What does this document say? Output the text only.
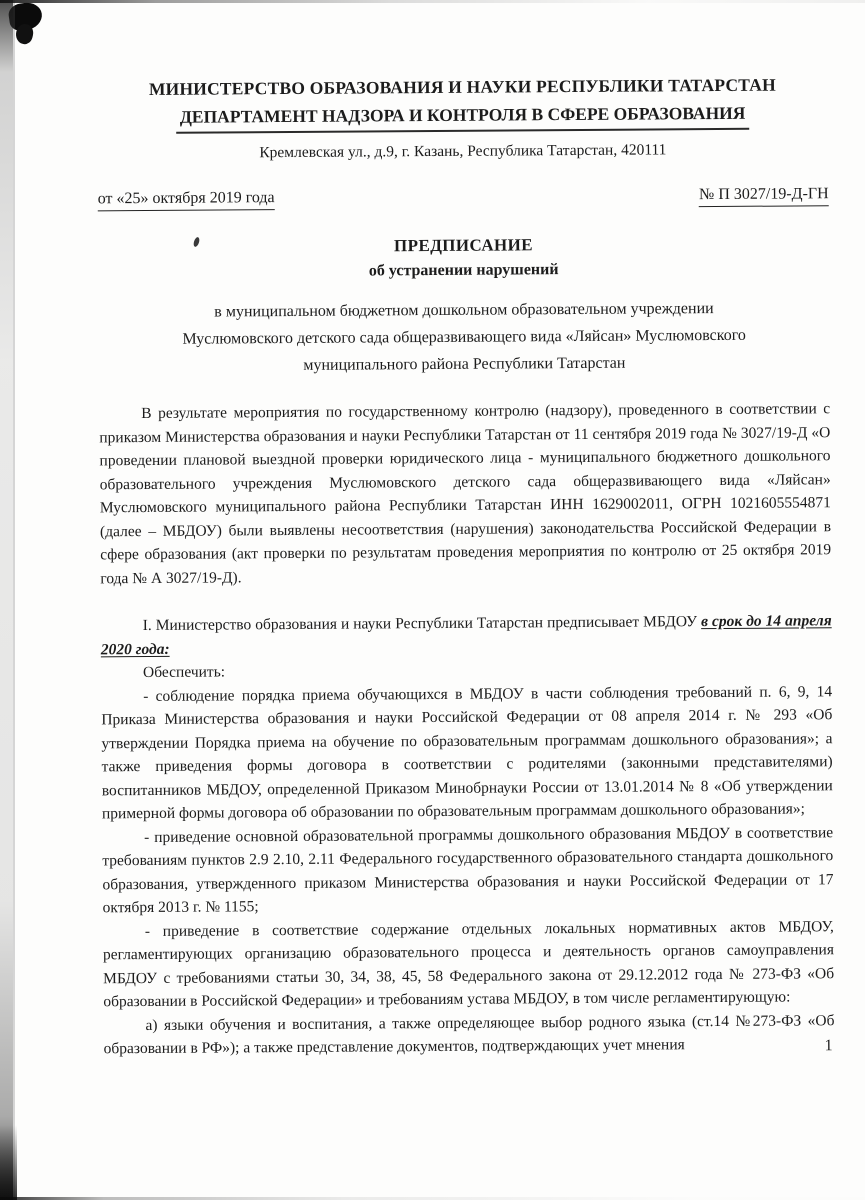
МИНИСТЕРСТВО ОБРАЗОВАНИЯ И НАУКИ РЕСПУБЛИКИ ТАТАРСТАН
ДЕПАРТАМЕНТ НАДЗОРА И КОНТРОЛЯ В СФЕРЕ ОБРАЗОВАНИЯ
Кремлевская ул., д.9, г. Казань, Республика Татарстан, 420111
от «25» октября 2019 года	№ П 3027/19-Д-ГН
ПРЕДПИСАНИЕ
об устранении нарушений
в муниципальном бюджетном дошкольном образовательном учреждении
Муслюмовского детского сада общеразвивающего вида «Ляйсан» Муслюмовского
муниципального района Республики Татарстан

В результате мероприятия по государственному контролю (надзору), проведенного в соответствии с приказом Министерства образования и науки Республики Татарстан от 11 сентября 2019 года № 3027/19-Д «О проведении плановой выездной проверки юридического лица - муниципального бюджетного дошкольного образовательного учреждения Муслюмовского детского сада общеразвивающего вида «Ляйсан» Муслюмовского муниципального района Республики Татарстан ИНН 1629002011, ОГРН 1021605554871 (далее – МБДОУ) были выявлены несоответствия (нарушения) законодательства Российской Федерации в сфере образования (акт проверки по результатам проведения мероприятия по контролю от 25 октября 2019 года № А 3027/19-Д).

I. Министерство образования и науки Республики Татарстан предписывает МБДОУ в срок до 14 апреля 2020 года:

Обеспечить:

- соблюдение порядка приема обучающихся в МБДОУ в части соблюдения требований п. 6, 9, 14 Приказа Министерства образования и науки Российской Федерации от 08 апреля 2014 г. № 293 «Об утверждении Порядка приема на обучение по образовательным программам дошкольного образования»; а также приведения формы договора в соответствии с родителями (законными представителями) воспитанников МБДОУ, определенной Приказом Минобрнауки России от 13.01.2014 № 8 «Об утверждении примерной формы договора об образовании по образовательным программам дошкольного образования»;

- приведение основной образовательной программы дошкольного образования МБДОУ в соответствие требованиям пунктов 2.9 2.10, 2.11 Федерального государственного образовательного стандарта дошкольного образования, утвержденного приказом Министерства образования и науки Российской Федерации от 17 октября 2013 г. № 1155;

- приведение в соответствие содержание отдельных локальных нормативных актов МБДОУ, регламентирующих организацию образовательного процесса и деятельность органов самоуправления МБДОУ с требованиями статьи 30, 34, 38, 45, 58 Федерального закона от 29.12.2012 года № 273-ФЗ «Об образовании в Российской Федерации» и требованиям устава МБДОУ, в том числе регламентирующую:

а) языки обучения и воспитания, а также определяющее выбор родного языка (ст.14 №273-ФЗ «Об образовании в РФ»); а также представление документов, подтверждающих учет мнения	1
